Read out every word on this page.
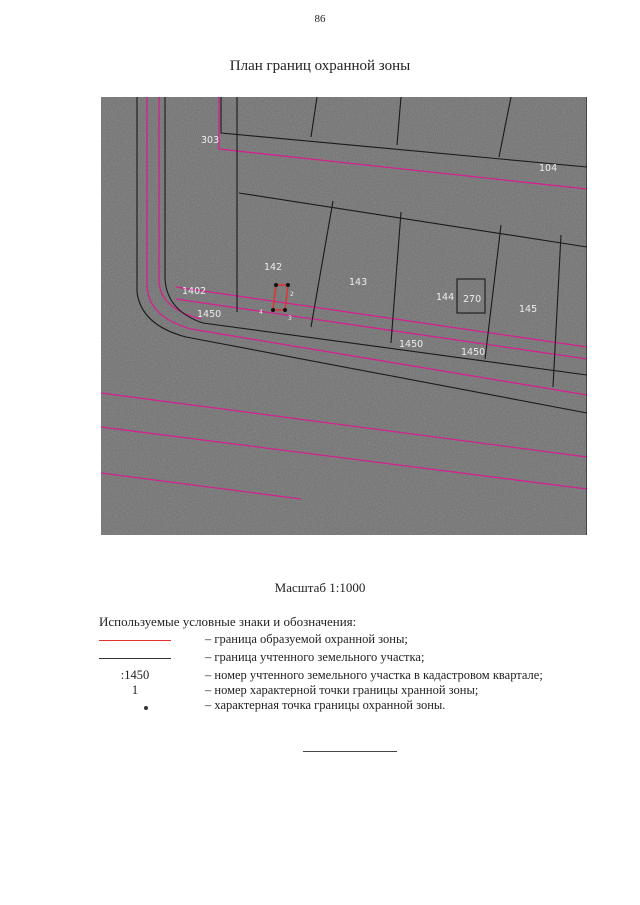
86
План границ охранной зоны
2
3
4
303
104
142
143
144 270
145
1402
1450
1450
1450
Масштаб 1:1000
Используемые условные знаки и обозначения:
– граница образуемой охранной зоны;
– граница учтенного земельного участка;
:1450	– номер учтенного земельного участка в кадастровом квартале;
1	– номер характерной точки границы хранной зоны;
– характерная точка границы охранной зоны.
